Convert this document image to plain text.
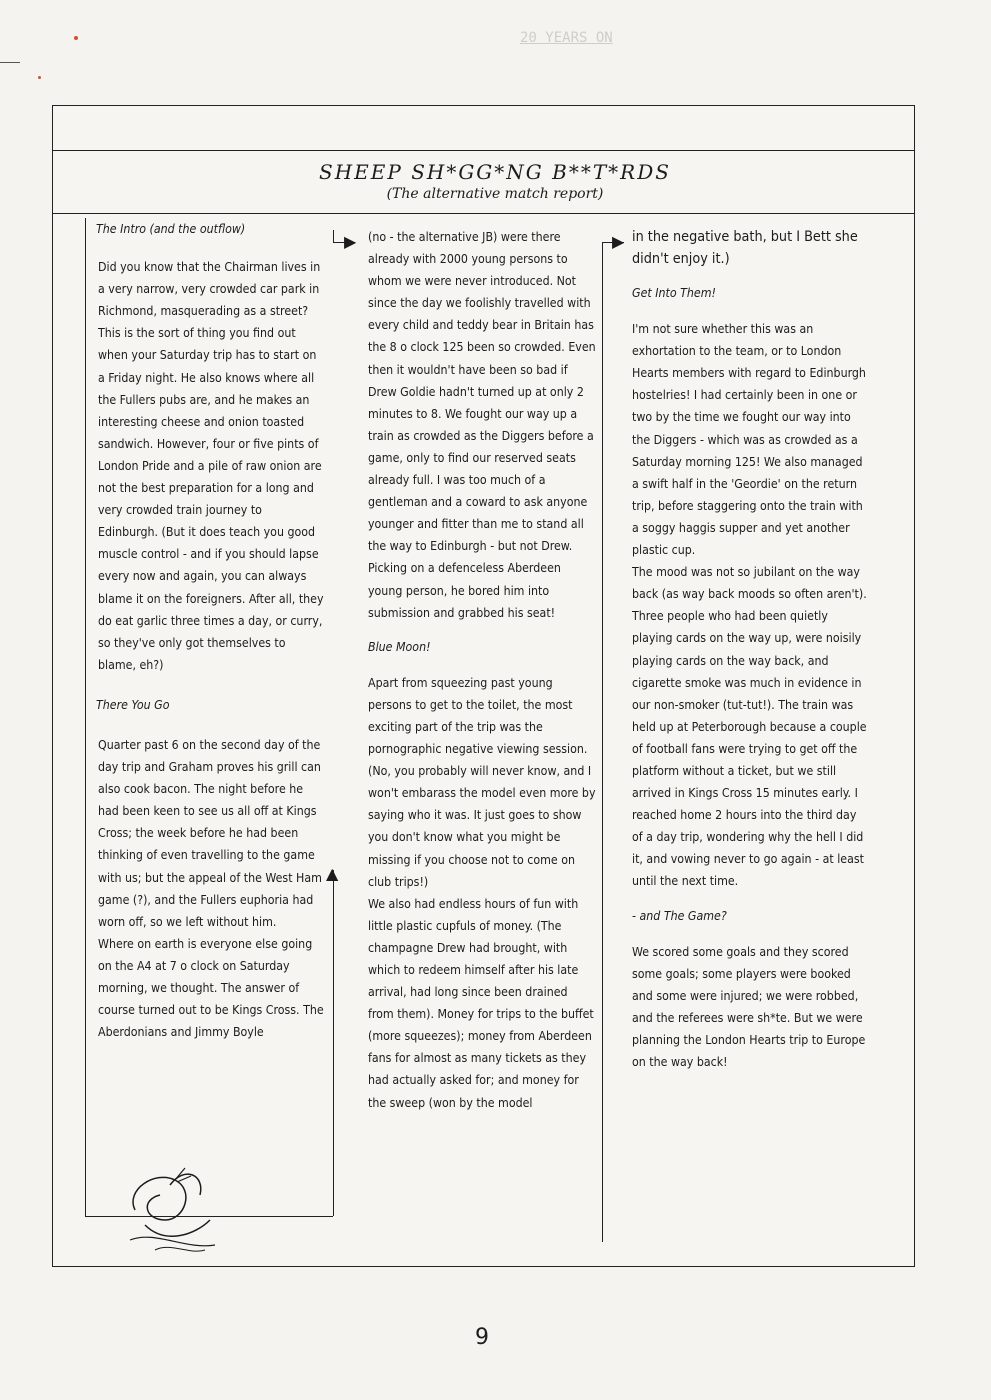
20 YEARS ON
SHEEP SH*GG*NG B**T*RDS
(The alternative match report)
▲
▶	▶

The Intro (and the outflow)

Did you know that the Chairman lives in a very narrow, very crowded car park in Richmond, masquerading as a street? This is the sort of thing you find out when your Saturday trip has to start on a Friday night. He also knows where all the Fullers pubs are, and he makes an interesting cheese and onion toasted sandwich. However, four or five pints of London Pride and a pile of raw onion are not the best preparation for a long and very crowded train journey to Edinburgh. (But it does teach you good muscle control - and if you should lapse every now and again, you can always blame it on the foreigners. After all, they do eat garlic three times a day, or curry, so they've only got themselves to blame, eh?)

There You Go

Quarter past 6 on the second day of the day trip and Graham proves his grill can also cook bacon. The night before he had been keen to see us all off at Kings Cross; the week before he had been thinking of even travelling to the game with us; but the appeal of the West Ham game (?), and the Fullers euphoria had worn off, so we left without him.

Where on earth is everyone else going on the A4 at 7 o clock on Saturday morning, we thought. The answer of course turned out to be Kings Cross. The Aberdonians and Jimmy Boyle

(no - the alternative JB) were there already with 2000 young persons to whom we were never introduced. Not since the day we foolishly travelled with every child and teddy bear in Britain has the 8 o clock 125 been so crowded. Even then it wouldn't have been so bad if Drew Goldie hadn't turned up at only 2 minutes to 8. We fought our way up a train as crowded as the Diggers before a game, only to find our reserved seats already full. I was too much of a gentleman and a coward to ask anyone younger and fitter than me to stand all the way to Edinburgh - but not Drew. Picking on a defenceless Aberdeen young person, he bored him into submission and grabbed his seat!

Blue Moon!

Apart from squeezing past young persons to get to the toilet, the most exciting part of the trip was the pornographic negative viewing session. (No, you probably will never know, and I won't embarass the model even more by saying who it was. It just goes to show you don't know what you might be missing if you choose not to come on club trips!)

We also had endless hours of fun with little plastic cupfuls of money. (The champagne Drew had brought, with which to redeem himself after his late arrival, had long since been drained from them). Money for trips to the buffet (more squeezes); money from Aberdeen fans for almost as many tickets as they had actually asked for; and money for the sweep (won by the model

in the negative bath, but I Bett she didn't enjoy it.)

Get Into Them!

I'm not sure whether this was an exhortation to the team, or to London Hearts members with regard to Edinburgh hostelries! I had certainly been in one or two by the time we fought our way into the Diggers - which was as crowded as a Saturday morning 125! We also managed a swift half in the 'Geordie' on the return trip, before staggering onto the train with a soggy haggis supper and yet another plastic cup.

The mood was not so jubilant on the way back (as way back moods so often aren't). Three people who had been quietly playing cards on the way up, were noisily playing cards on the way back, and cigarette smoke was much in evidence in our non-smoker (tut-tut!). The train was held up at Peterborough because a couple of football fans were trying to get off the platform without a ticket, but we still arrived in Kings Cross 15 minutes early. I reached home 2 hours into the third day of a day trip, wondering why the hell I did it, and vowing never to go again - at least until the next time.

- and The Game?

We scored some goals and they scored some goals; some players were booked and some were injured; we were robbed, and the referees were sh*te. But we were planning the London Hearts trip to Europe on the way back!

9
